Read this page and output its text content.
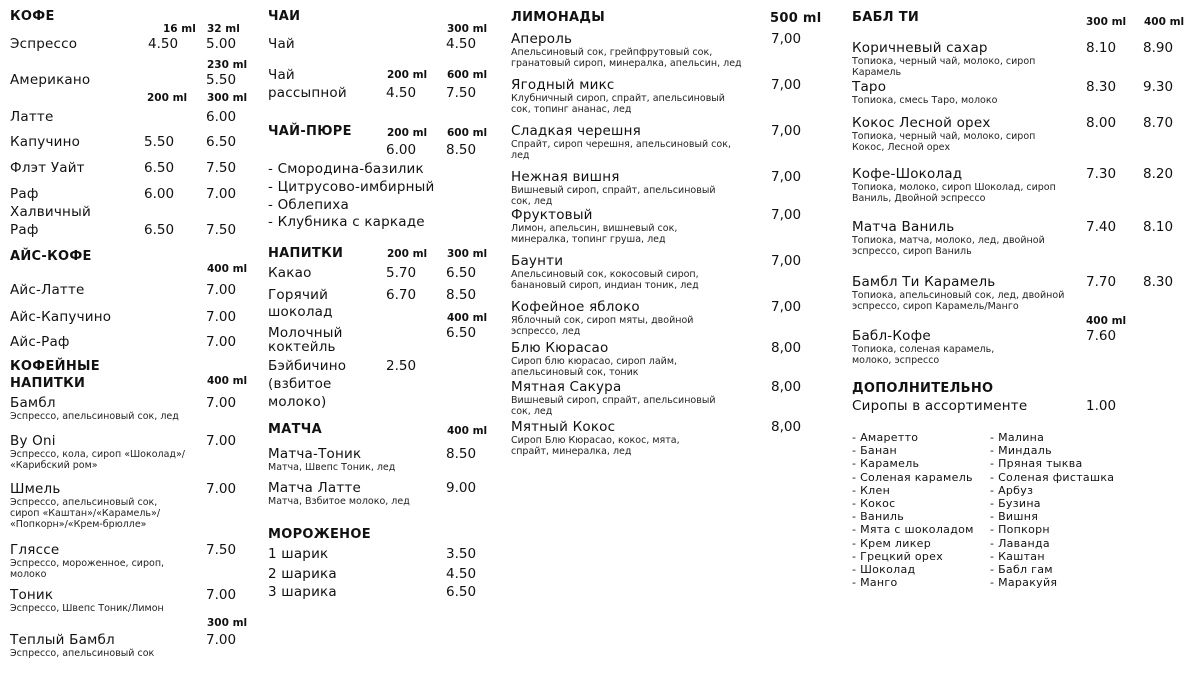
КОФЕ
16 ml 32 ml
Эспрессо	4.50 5.00
230 ml
Американо	5.50
200 ml 300 ml
Латте	6.00
Капучино	5.50 6.50
Флэт Уайт	6.50 7.50
Раф	6.00 7.00
Халвичный
Раф	6.50 7.50
АЙС-КОФЕ
400 ml
Айс-Латте	7.00
Айс-Капучино	7.00
Айс-Раф	7.00
КОФЕЙНЫЕ
НАПИТКИ	400 ml
Бамбл	7.00
Эспрессо, апельсиновый сок, лед
By Oni	7.00
Эспрессо, кола, сироп «Шоколад»/ «Карибский ром»
Шмель	7.00
Эспрессо, апельсиновый сок, сироп «Каштан»/«Карамель»/ «Попкорн»/«Крем-брюлле»
Гляссе	7.50
Эспрессо, мороженное, сироп, молоко
Тоник	7.00
Эспрессо, Швепс Тоник/Лимон
300 ml
Теплый Бамбл	7.00
Эспрессо, апельсиновый сок
ЧАИ
300 ml
Чай	4.50
200 ml 600 ml
Чай
рассыпной	4.50 7.50
ЧАЙ-ПЮРЕ	200 ml 600 ml
6.00 8.50
- Смородина-базилик
- Цитрусово-имбирный
- Облепиха
- Клубника с каркаде
НАПИТКИ	200 ml 300 ml
Какао	5.70 6.50
Горячий	6.70 8.50
шоколад	400 ml
Молочный	6.50
коктейль
Бэйбичино	2.50
(взбитое
молоко)
МАТЧА	400 ml
Матча-Тоник	8.50
Матча, Швепс Тоник, лед
Матча Латте	9.00
Матча, Взбитое молоко, лед
МОРОЖЕНОЕ
1 шарик	3.50
2 шарика	4.50
3 шарика	6.50
ЛИМОНАДЫ	500 ml
Апероль	7,00
Апельсиновый сок, грейпфрутовый сок, гранатовый сироп, минералка, апельсин, лед
Ягодный микс	7,00
Клубничный сироп, спрайт, апельсиновый сок, топинг ананас, лед
Сладкая черешня	7,00
Спрайт, сироп черешня, апельсиновый сок, лед
Нежная вишня	7,00
Вишневый сироп, спрайт, апельсиновый сок, лед
Фруктовый	7,00
Лимон, апельсин, вишневый сок, минералка, топинг груша, лед
Баунти	7,00
Апельсиновый сок, кокосовый сироп, банановый сироп, индиан тоник, лед
Кофейное яблоко	7,00
Яблочный сок, сироп мяты, двойной эспрессо, лед
Блю Кюрасао	8,00
Сироп блю кюрасао, сироп лайм, апельсиновый сок, тоник
Мятная Сакура	8,00
Вишневый сироп, спрайт, апельсиновый сок, лед
Мятный Кокос	8,00
Сироп Блю Кюрасао, кокос, мята, спрайт, минералка, лед
БАБЛ ТИ	300 ml 400 ml
Коричневый сахар	8.10 8.90
Топиока, черный чай, молоко, сироп Карамель
Таро	8.30 9.30
Топиока, смесь Таро, молоко
Кокос Лесной орех	8.00 8.70
Топиока, черный чай, молоко, сироп Кокос, Лесной орех
Кофе-Шоколад	7.30 8.20
Топиока, молоко, сироп Шоколад, сироп Ваниль, Двойной эспрессо
Матча Ваниль	7.40 8.10
Топиока, матча, молоко, лед, двойной эспрессо, сироп Ваниль
Бамбл Ти Карамель	7.70 8.30
Топиока, апельсиновый сок, лед, двойной эспрессо, сироп Карамель/Манго
400 ml
Бабл-Кофе	7.60
Топиока, соленая карамель, молоко, эспрессо
ДОПОЛНИТЕЛЬНО
Сиропы в ассортименте	1.00
- Амаретто
- Банан
- Карамель
- Соленая карамель
- Клен
- Кокос
- Ваниль
- Мята с шоколадом
- Крем ликер
- Грецкий орех
- Шоколад
- Манго
- Малина
- Миндаль
- Пряная тыква
- Соленая фисташка
- Арбуз
- Бузина
- Вишня
- Попкорн
- Лаванда
- Каштан
- Бабл гам
- Маракуйя
